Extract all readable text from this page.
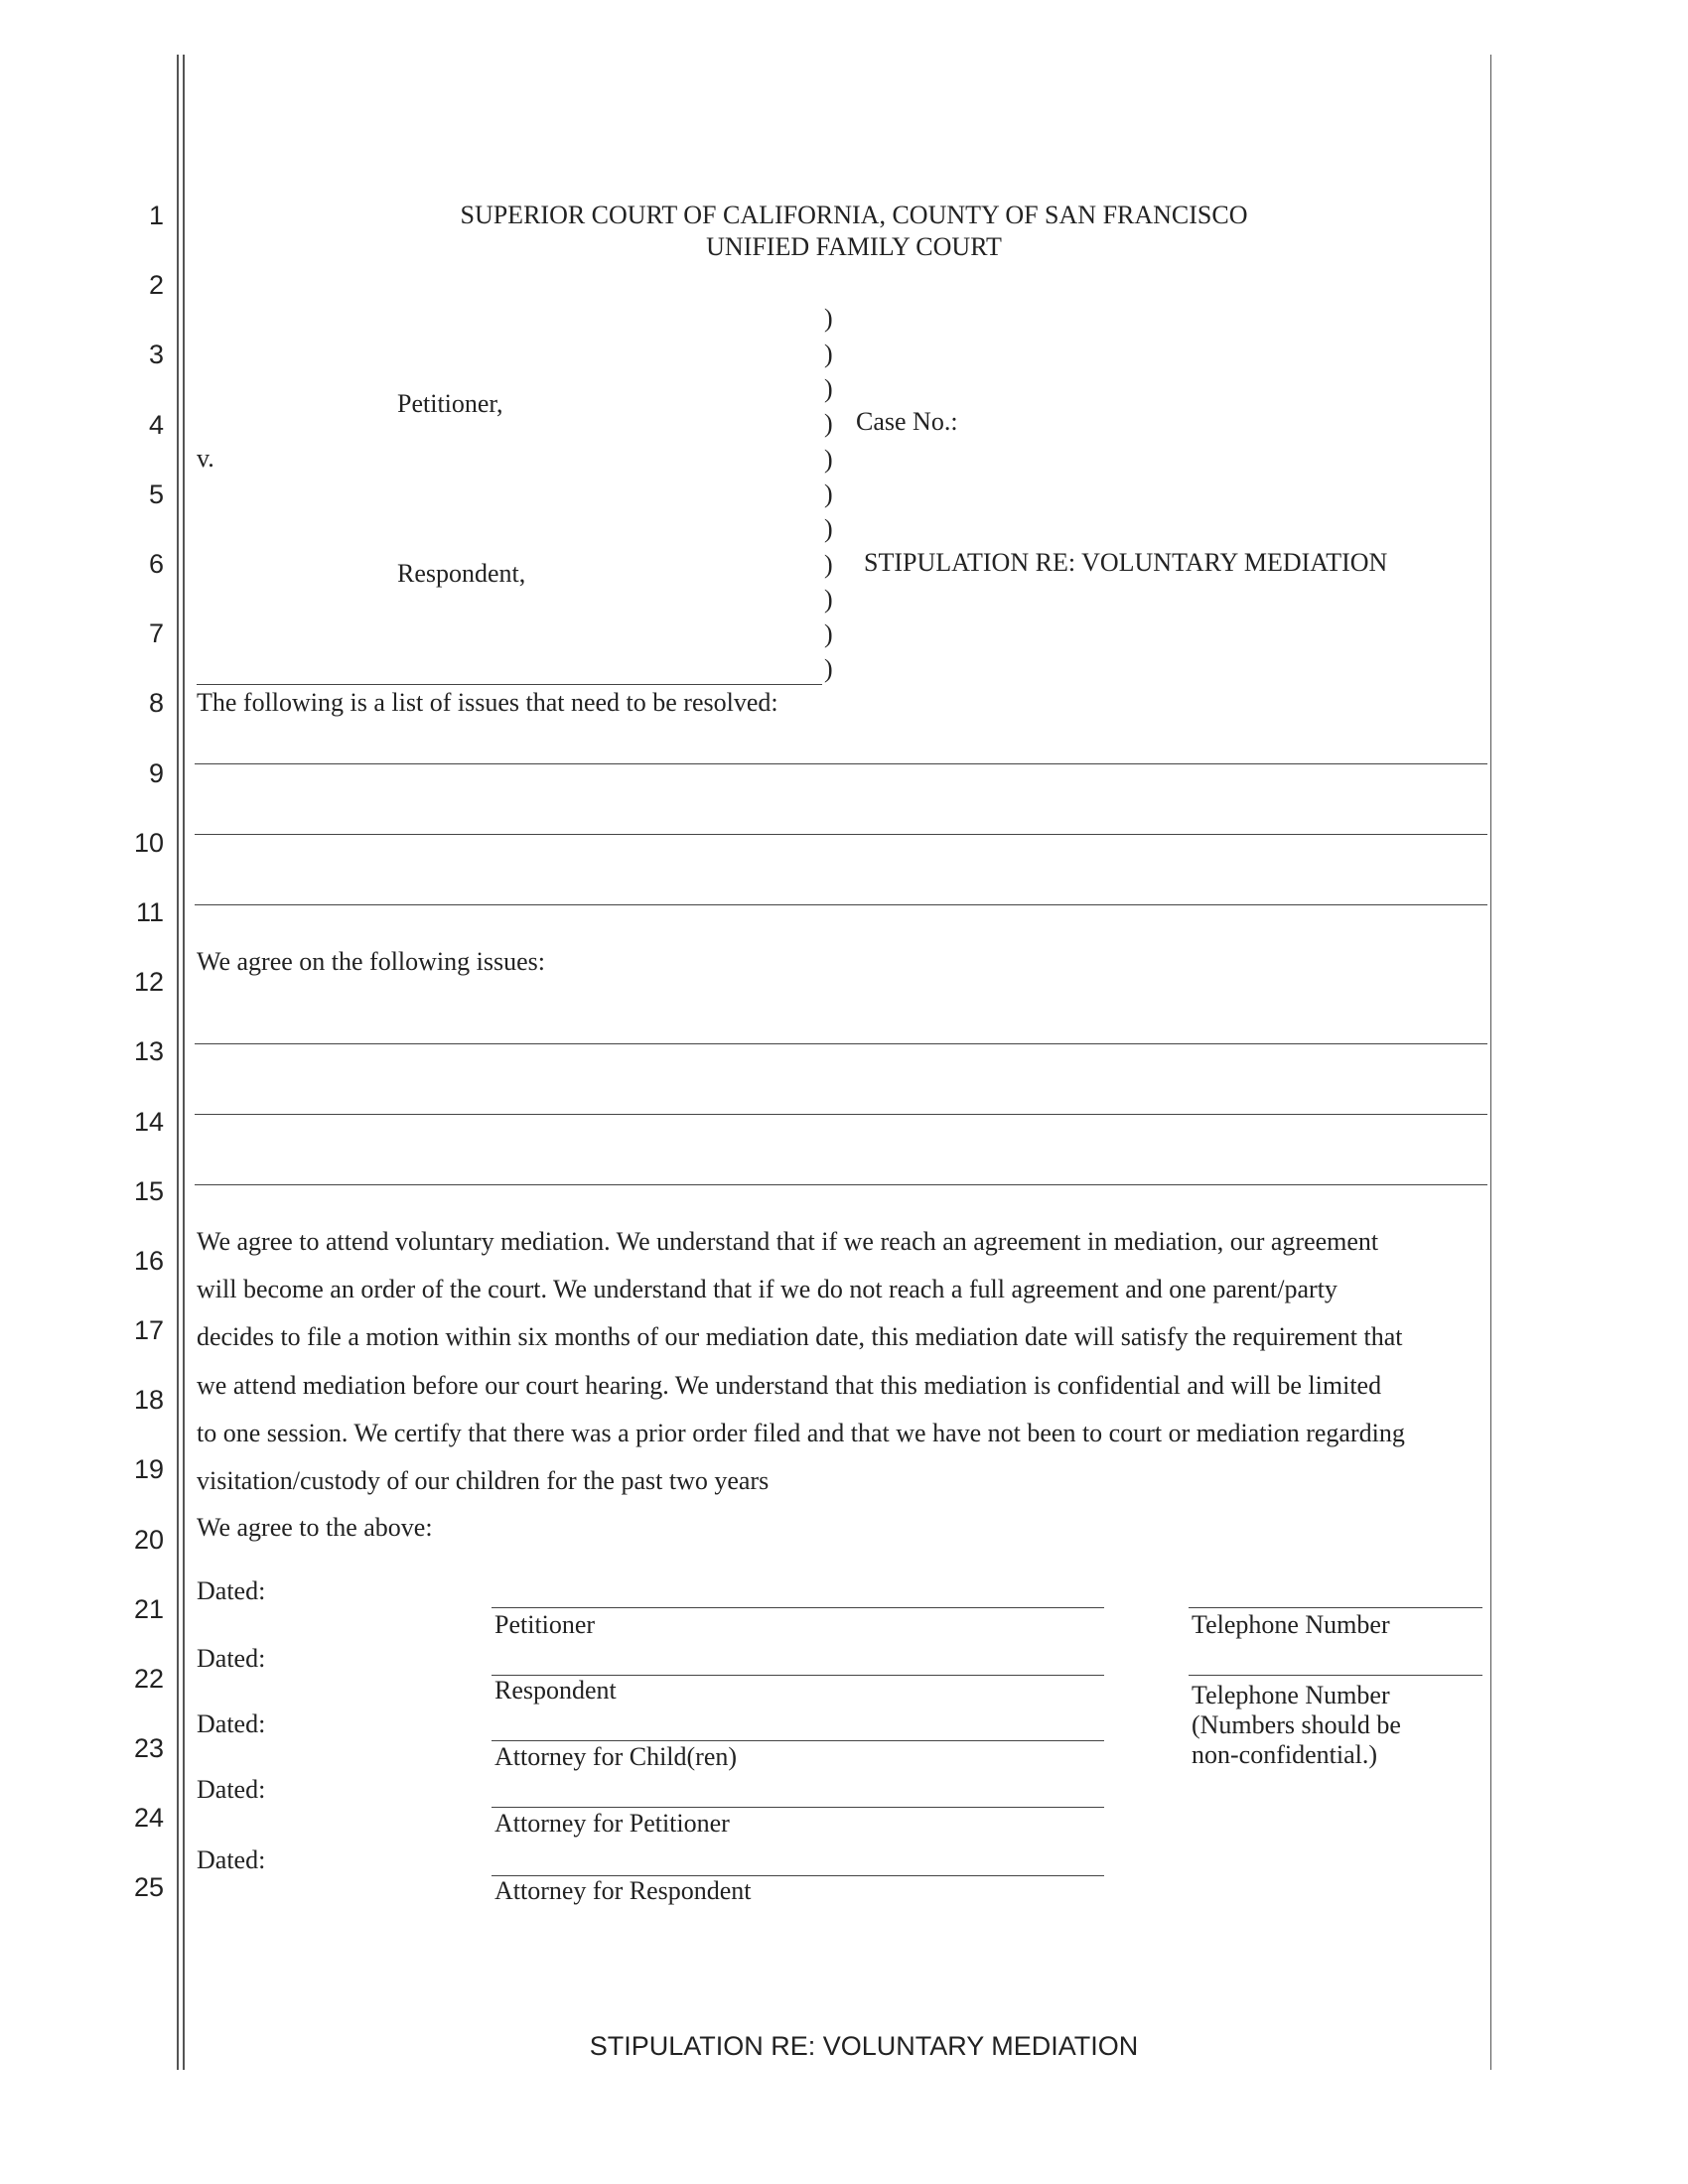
1
2
3
4
5
6
7
8
9
10
11
12
13
14
15
16
17
18
19
20
21
22
23
24
25
SUPERIOR COURT OF CALIFORNIA, COUNTY OF SAN FRANCISCO
UNIFIED FAMILY COURT
)
)
)
)
)
)
)
)
)
)
)
Petitioner,
v.
Respondent,
Case No.:
STIPULATION RE: VOLUNTARY MEDIATION
The following is a list of issues that need to be resolved:
We agree on the following issues:
We agree to attend voluntary mediation. We understand that if we reach an agreement in mediation, our agreement
will become an order of the court. We understand that if we do not reach a full agreement and one parent/party
decides to file a motion within six months of our mediation date, this mediation date will satisfy the requirement that
we attend mediation before our court hearing. We understand that this mediation is confidential and will be limited
to one session. We certify that there was a prior order filed and that we have not been to court or mediation regarding
visitation/custody of our children for the past two years
We agree to the above:
Dated:
Dated:
Dated:
Dated:
Dated:
Petitioner
Respondent
Attorney for Child(ren)
Attorney for Petitioner
Attorney for Respondent
Telephone Number
Telephone Number
(Numbers should be
non-confidential.)
STIPULATION RE: VOLUNTARY MEDIATION
